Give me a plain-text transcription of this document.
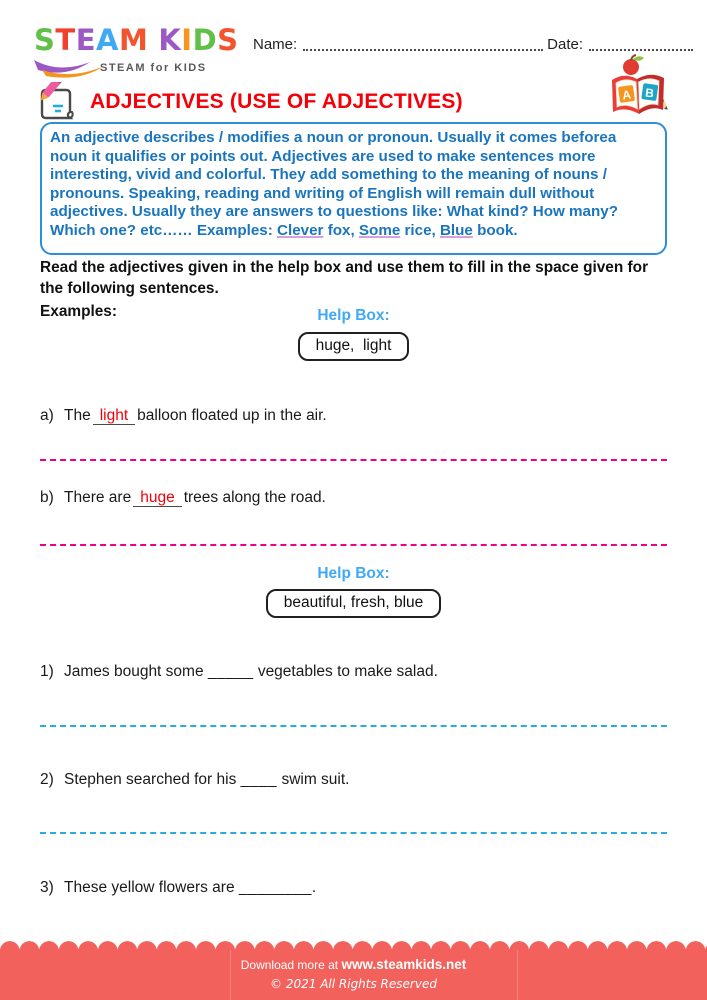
STEAM KIDS
STEAM for KIDS
Name:	Date:
ADJECTIVES (USE OF ADJECTIVES)	A B
An adjective describes / modifies a noun or pronoun. Usually it comes beforea noun it qualifies or points out. Adjectives are used to make sentences more interesting, vivid and colorful. They add something to the meaning of nouns / pronouns. Speaking, reading and writing of English will remain dull without adjectives. Usually they are answers to questions like: What kind? How many? Which one? etc…… Examples: Clever fox, Some rice, Blue book.
Read the adjectives given in the help box and use them to fill in the space given for the following sentences.
Examples:	Help Box:
huge,  light
a) The light balloon floated up in the air.
b) There are huge trees along the road.
Help Box:
beautiful, fresh, blue
1) James bought some _____ vegetables to make salad.
2) Stephen searched for his ____ swim suit.
3) These yellow flowers are ________.
Download more at www.steamkids.net
© 2021 All Rights Reserved
